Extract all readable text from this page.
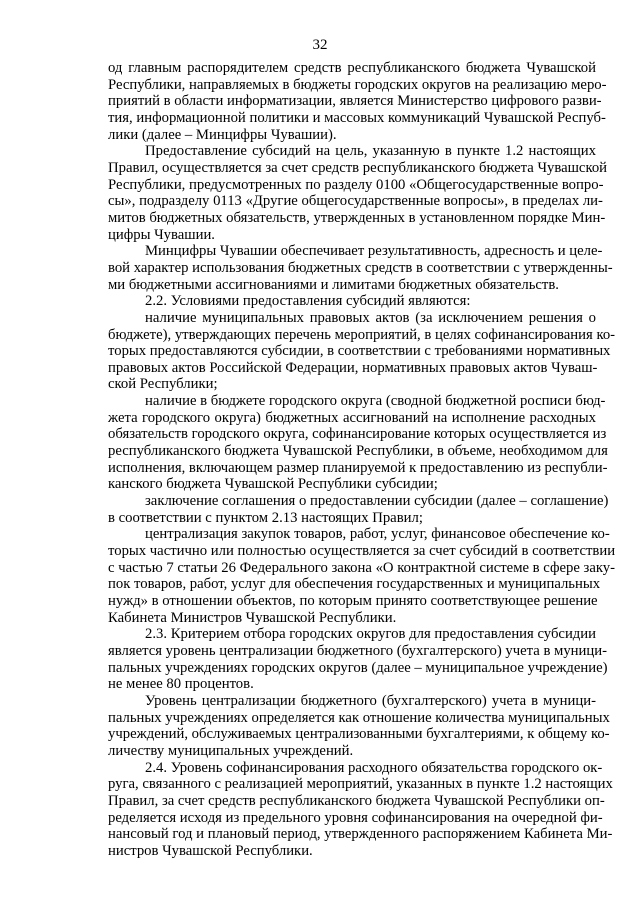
32

од главным распорядителем средств республиканского бюджета Чувашской
Республики, направляемых в бюджеты городских округов на реализацию меро-
приятий в области информатизации, является Министерство цифрового разви-
тия, информационной политики и массовых коммуникаций Чувашской Респуб-
лики (далее – Минцифры Чувашии).

Предоставление субсидий на цель, указанную в пункте 1.2 настоящих
Правил, осуществляется за счет средств республиканского бюджета Чувашской
Республики, предусмотренных по разделу 0100 «Общегосударственные вопро-
сы», подразделу 0113 «Другие общегосударственные вопросы», в пределах ли-
митов бюджетных обязательств, утвержденных в установленном порядке Мин-
цифры Чувашии.

Минцифры Чувашии обеспечивает результативность, адресность и целе-
вой характер использования бюджетных средств в соответствии с утвержденны-
ми бюджетными ассигнованиями и лимитами бюджетных обязательств.

2.2. Условиями предоставления субсидий являются:

наличие муниципальных правовых актов (за исключением решения о
бюджете), утверждающих перечень мероприятий, в целях софинансирования ко-
торых предоставляются субсидии, в соответствии с требованиями нормативных
правовых актов Российской Федерации, нормативных правовых актов Чуваш-
ской Республики;

наличие в бюджете городского округа (сводной бюджетной росписи бюд-
жета городского округа) бюджетных ассигнований на исполнение расходных
обязательств городского округа, софинансирование которых осуществляется из
республиканского бюджета Чувашской Республики, в объеме, необходимом для
исполнения, включающем размер планируемой к предоставлению из республи-
канского бюджета Чувашской Республики субсидии;

заключение соглашения о предоставлении субсидии (далее – соглашение)
в соответствии с пунктом 2.13 настоящих Правил;

централизация закупок товаров, работ, услуг, финансовое обеспечение ко-
торых частично или полностью осуществляется за счет субсидий в соответствии
с частью 7 статьи 26 Федерального закона «О контрактной системе в сфере заку-
пок товаров, работ, услуг для обеспечения государственных и муниципальных
нужд» в отношении объектов, по которым принято соответствующее решение
Кабинета Министров Чувашской Республики.

2.3. Критерием отбора городских округов для предоставления субсидии
является уровень централизации бюджетного (бухгалтерского) учета в муници-
пальных учреждениях городских округов (далее – муниципальное учреждение)
не менее 80 процентов.

Уровень централизации бюджетного (бухгалтерского) учета в муници-
пальных учреждениях определяется как отношение количества муниципальных
учреждений, обслуживаемых централизованными бухгалтериями, к общему ко-
личеству муниципальных учреждений.

2.4. Уровень софинансирования расходного обязательства городского ок-
руга, связанного с реализацией мероприятий, указанных в пункте 1.2 настоящих
Правил, за счет средств республиканского бюджета Чувашской Республики оп-
ределяется исходя из предельного уровня софинансирования на очередной фи-
нансовый год и плановый период, утвержденного распоряжением Кабинета Ми-
нистров Чувашской Республики.
